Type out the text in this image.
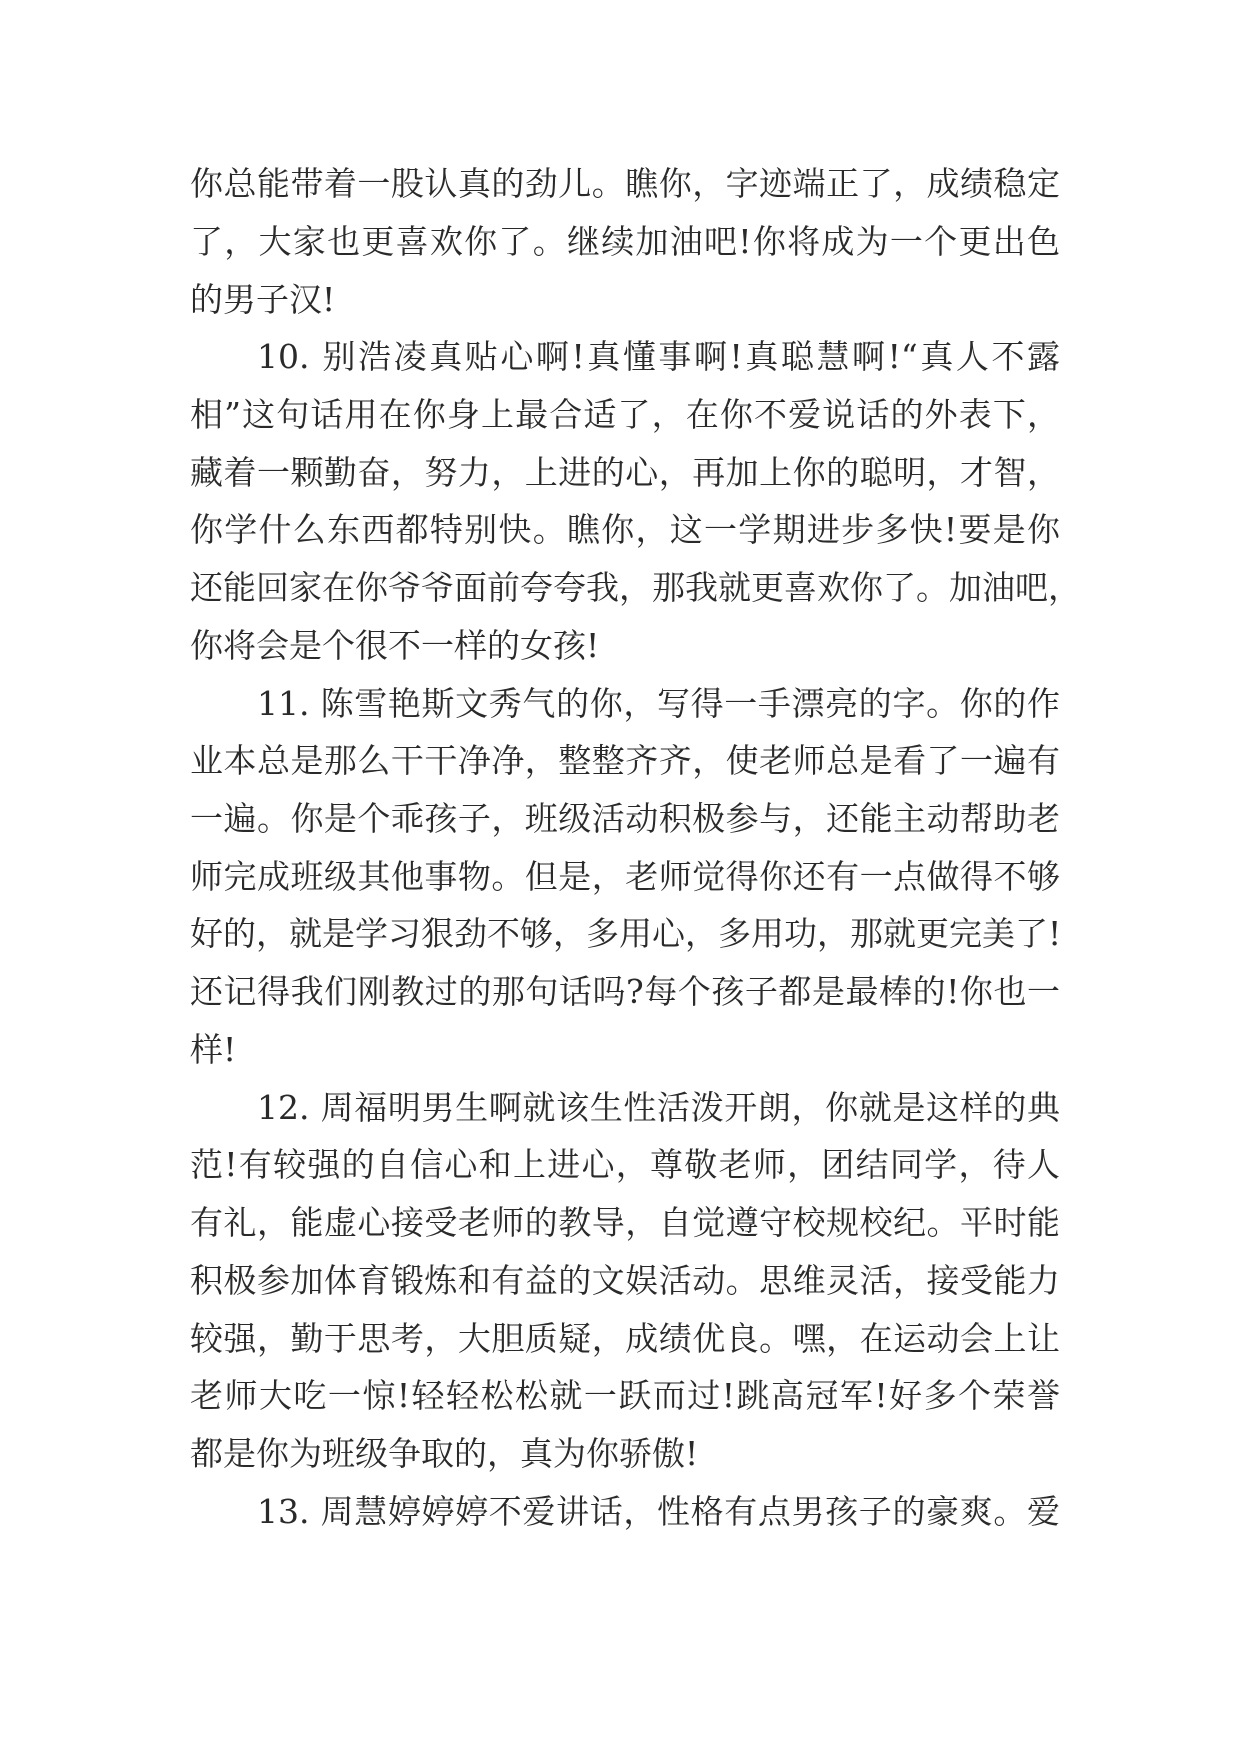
你总能带着一股认真的劲儿。瞧你，字迹端正了，成绩稳定
了，大家也更喜欢你了。继续加油吧!你将成为一个更出色
的男子汉!
10. 别浩凌真贴心啊!真懂事啊!真聪慧啊!“真人不露
相”这句话用在你身上最合适了，在你不爱说话的外表下，
藏着一颗勤奋，努力，上进的心，再加上你的聪明，才智，
你学什么东西都特别快。瞧你，这一学期进步多快!要是你
还能回家在你爷爷面前夸夸我，那我就更喜欢你了。加油吧，
你将会是个很不一样的女孩!
11. 陈雪艳斯文秀气的你，写得一手漂亮的字。你的作
业本总是那么干干净净，整整齐齐，使老师总是看了一遍有
一遍。你是个乖孩子，班级活动积极参与，还能主动帮助老
师完成班级其他事物。但是，老师觉得你还有一点做得不够
好的，就是学习狠劲不够，多用心，多用功，那就更完美了!
还记得我们刚教过的那句话吗?每个孩子都是最棒的!你也一
样!
12. 周福明男生啊就该生性活泼开朗，你就是这样的典
范!有较强的自信心和上进心，尊敬老师，团结同学，待人
有礼，能虚心接受老师的教导，自觉遵守校规校纪。平时能
积极参加体育锻炼和有益的文娱活动。思维灵活，接受能力
较强，勤于思考，大胆质疑，成绩优良。嘿，在运动会上让
老师大吃一惊!轻轻松松就一跃而过!跳高冠军!好多个荣誉
都是你为班级争取的，真为你骄傲!
13. 周慧婷婷婷不爱讲话，性格有点男孩子的豪爽。爱
